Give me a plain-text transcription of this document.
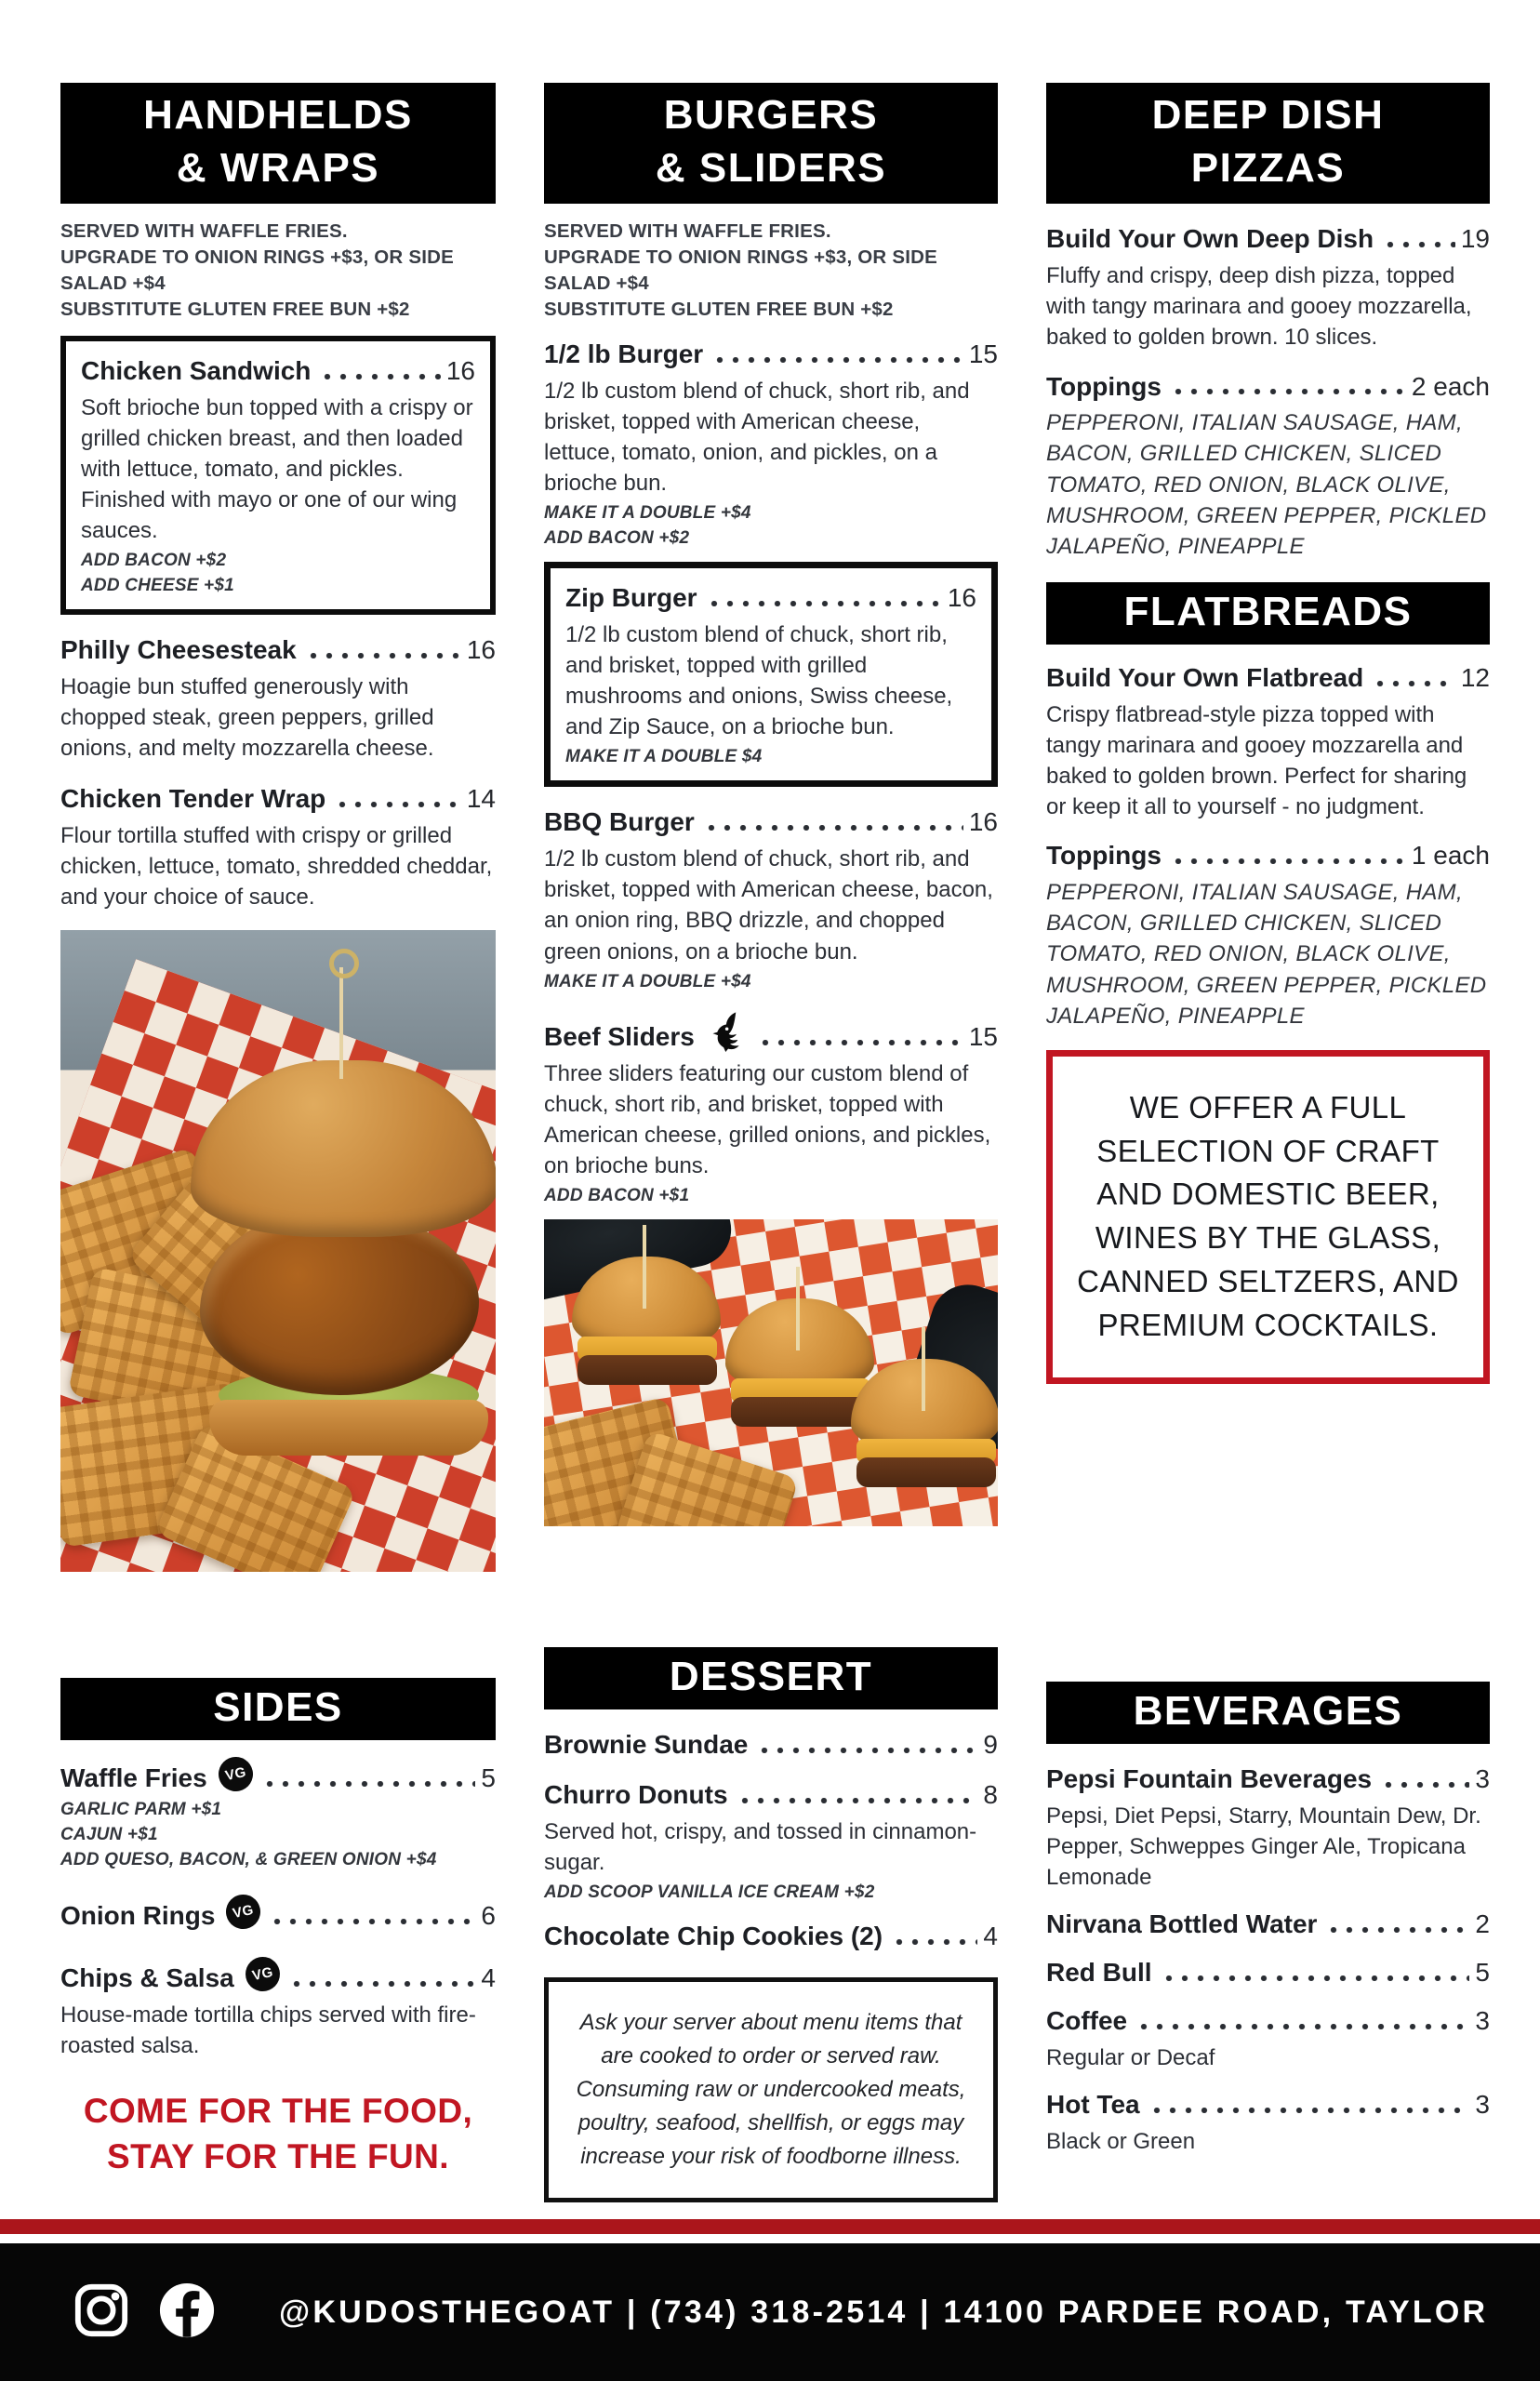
HANDHELDS
& WRAPS
SERVED WITH WAFFLE FRIES.
UPGRADE TO ONION RINGS +$3, OR SIDE SALAD +$4
SUBSTITUTE GLUTEN FREE BUN +$2
Chicken Sandwich	16
Soft brioche bun topped with a crispy or grilled chicken breast, and then loaded with lettuce, tomato, and pickles. Finished with mayo or one of our wing sauces.
ADD BACON +$2
ADD CHEESE +$1
Philly Cheesesteak	16
Hoagie bun stuffed generously with chopped steak, green peppers, grilled onions, and melty mozzarella cheese.
Chicken Tender Wrap	14
Flour tortilla stuffed with crispy or grilled chicken, lettuce, tomato, shredded cheddar, and your choice of sauce.
SIDES
Waffle Fries	VG	5
GARLIC PARM +$1
CAJUN +$1
ADD QUESO, BACON, & GREEN ONION +$4
Onion Rings	VG	6
Chips & Salsa	VG	4
House-made tortilla chips served with fire-roasted salsa.
COME FOR THE FOOD,
STAY FOR THE FUN.
BURGERS
& SLIDERS
SERVED WITH WAFFLE FRIES.
UPGRADE TO ONION RINGS +$3, OR SIDE SALAD +$4
SUBSTITUTE GLUTEN FREE BUN +$2
1/2 lb Burger	15
1/2 lb custom blend of chuck, short rib, and brisket, topped with American cheese, lettuce, tomato, onion, and pickles, on a brioche bun.
MAKE IT A DOUBLE +$4
ADD BACON +$2
Zip Burger	16
1/2 lb custom blend of chuck, short rib, and brisket, topped with grilled mushrooms and onions, Swiss cheese, and Zip Sauce, on a brioche bun.
MAKE IT A DOUBLE $4
BBQ Burger	16
1/2 lb custom blend of chuck, short rib, and brisket, topped with American cheese, bacon, an onion ring, BBQ drizzle, and chopped green onions, on a brioche bun.
MAKE IT A DOUBLE +$4
Beef Sliders	15
Three sliders featuring our custom blend of chuck, short rib, and brisket, topped with American cheese, grilled onions, and pickles, on brioche buns.
ADD BACON +$1
DESSERT
Brownie Sundae	9
Churro Donuts	8
Served hot, crispy, and tossed in cinnamon-sugar.
ADD SCOOP VANILLA ICE CREAM +$2
Chocolate Chip Cookies (2)	4
Ask your server about menu items that are cooked to order or served raw. Consuming raw or undercooked meats, poultry, seafood, shellfish, or eggs may increase your risk of foodborne illness.
DEEP DISH
PIZZAS
Build Your Own Deep Dish	19
Fluffy and crispy, deep dish pizza, topped with tangy marinara and gooey mozzarella, baked to golden brown. 10 slices.
Toppings	2 each
PEPPERONI, ITALIAN SAUSAGE, HAM, BACON, GRILLED CHICKEN, SLICED TOMATO, RED ONION, BLACK OLIVE, MUSHROOM, GREEN PEPPER, PICKLED JALAPEÑO, PINEAPPLE
FLATBREADS
Build Your Own Flatbread	12
Crispy flatbread-style pizza topped with tangy marinara and gooey mozzarella and baked to golden brown. Perfect for sharing or keep it all to yourself - no judgment.
Toppings	1 each
PEPPERONI, ITALIAN SAUSAGE, HAM, BACON, GRILLED CHICKEN, SLICED TOMATO, RED ONION, BLACK OLIVE, MUSHROOM, GREEN PEPPER, PICKLED JALAPEÑO, PINEAPPLE
WE OFFER A FULL SELECTION OF CRAFT AND DOMESTIC BEER, WINES BY THE GLASS, CANNED SELTZERS, AND PREMIUM COCKTAILS.
BEVERAGES
Pepsi Fountain Beverages	3
Pepsi, Diet Pepsi, Starry, Mountain Dew, Dr. Pepper, Schweppes Ginger Ale, Tropicana Lemonade
Nirvana Bottled Water	2
Red Bull	5
Coffee	3
Regular or Decaf
Hot Tea	3
Black or Green
@KUDOSTHEGOAT | (734) 318-2514 | 14100 PARDEE ROAD, TAYLOR
